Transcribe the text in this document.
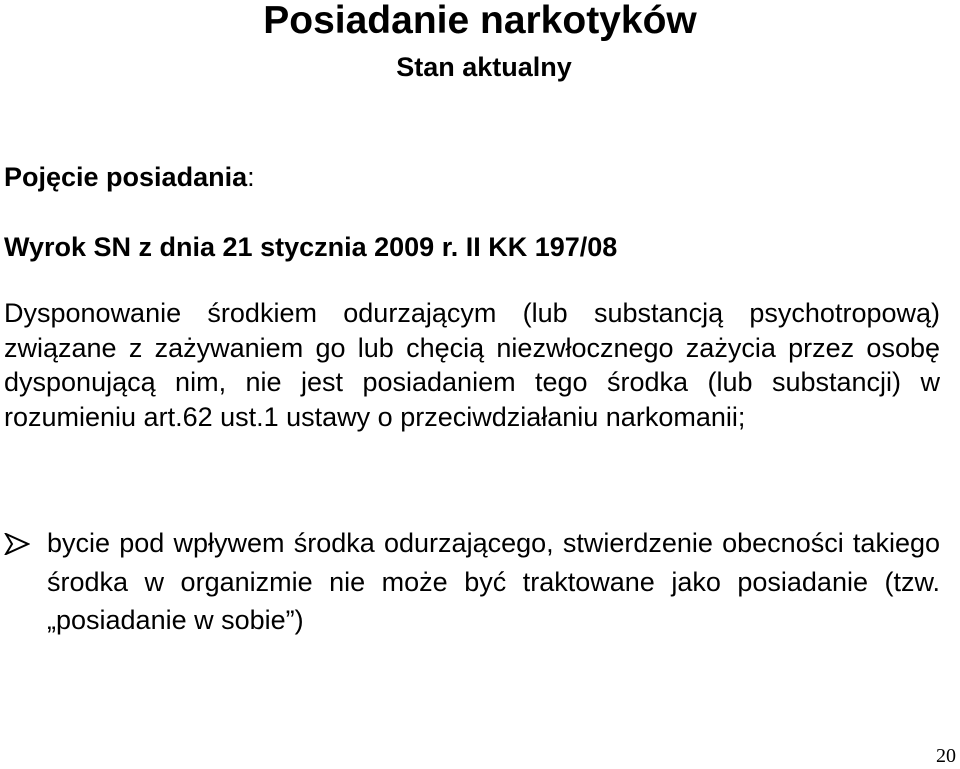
Posiadanie narkotyków
Stan aktualny

Pojęcie posiadania:

Wyrok SN z dnia 21 stycznia 2009 r. II KK 197/08

Dysponowanie środkiem odurzającym (lub substancją psychotropową) związane z zażywaniem go lub chęcią niezwłocznego zażycia przez osobę dysponującą nim, nie jest posiadaniem tego środka (lub substancji) w rozumieniu art.62 ust.1 ustawy o przeciwdziałaniu narkomanii;

bycie pod wpływem środka odurzającego, stwierdzenie obecności takiego środka w organizmie nie może być traktowane jako posiadanie (tzw. „posiadanie w sobie”)

20
